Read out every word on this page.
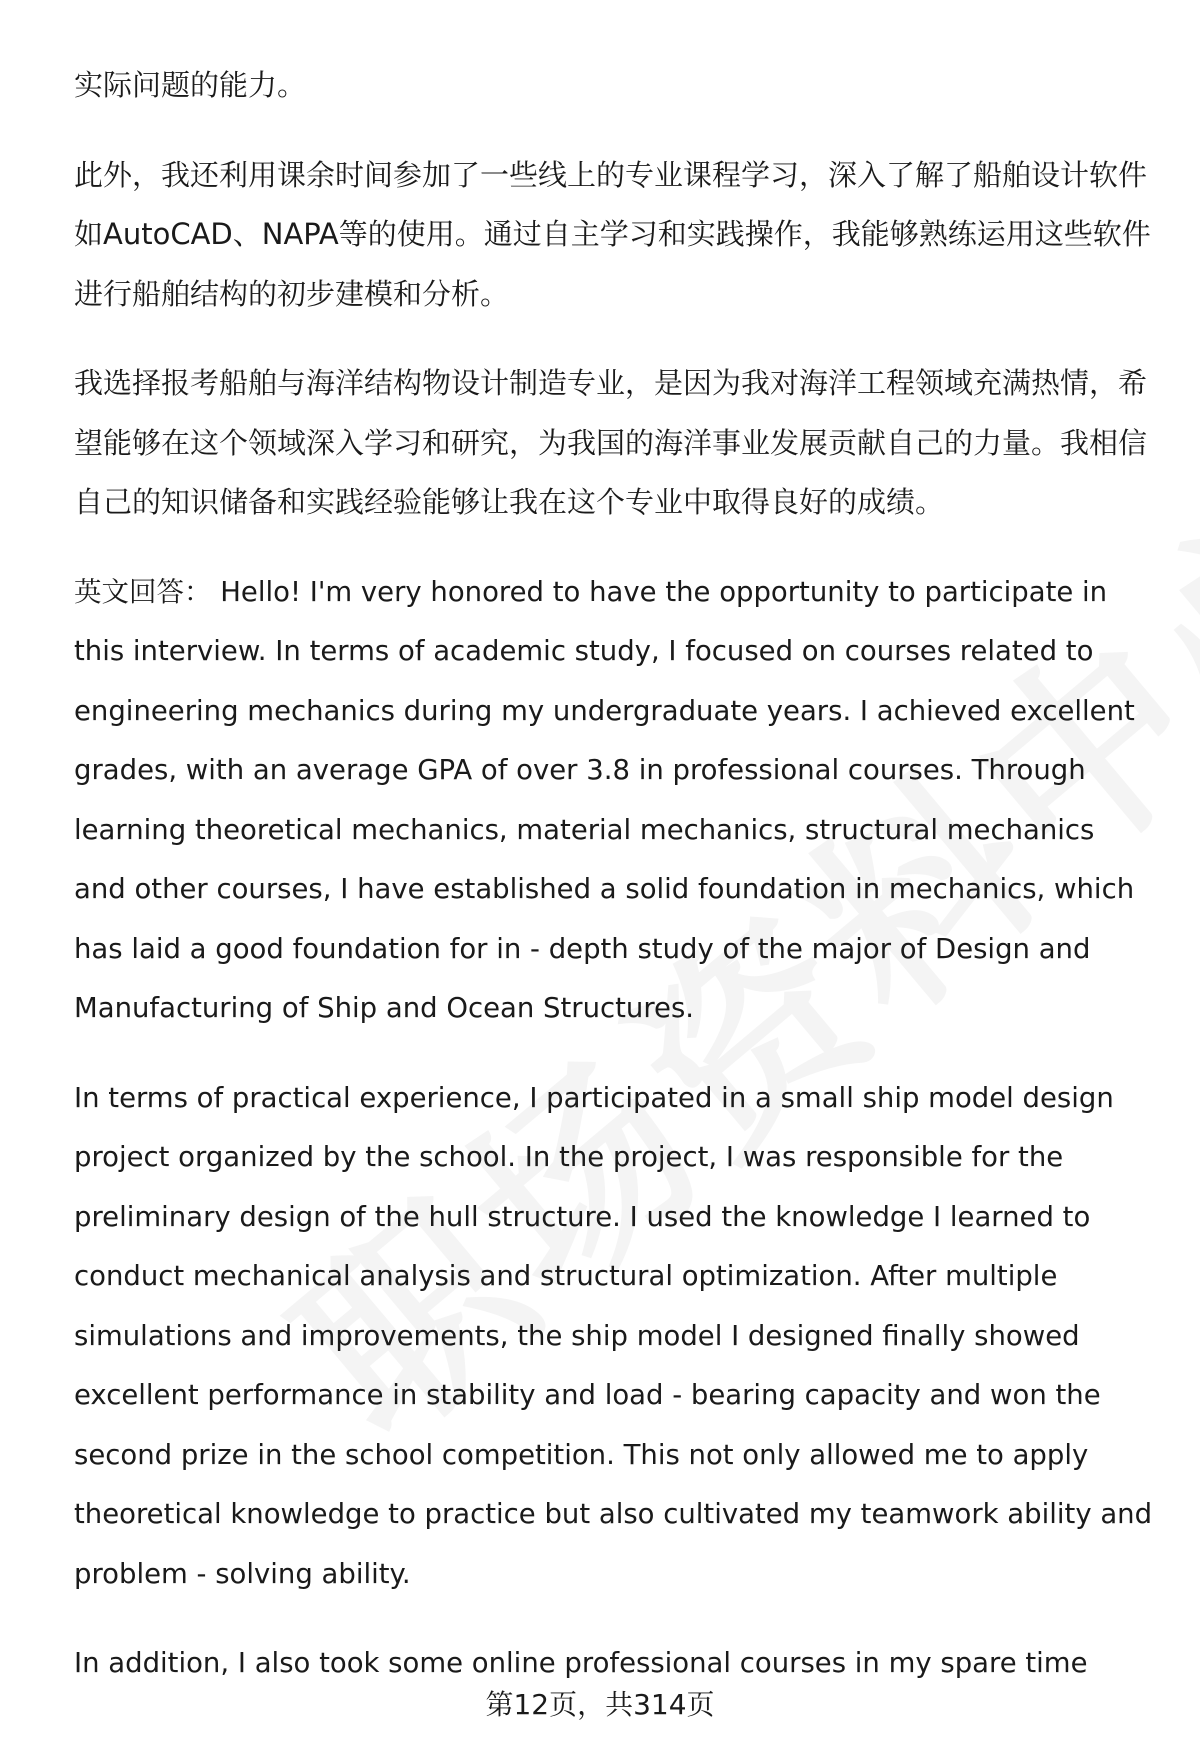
实际问题的能力。

此外，我还利用课余时间参加了一些线上的专业课程学习，深入了解了船舶设计软件如AutoCAD、NAPA等的使用。通过自主学习和实践操作，我能够熟练运用这些软件进行船舶结构的初步建模和分析。

我选择报考船舶与海洋结构物设计制造专业，是因为我对海洋工程领域充满热情，希望能够在这个领域深入学习和研究，为我国的海洋事业发展贡献自己的力量。我相信自己的知识储备和实践经验能够让我在这个专业中取得良好的成绩。

英文回答： Hello! I'm very honored to have the opportunity to participate in this interview. In terms of academic study, I focused on courses related to engineering mechanics during my undergraduate years. I achieved excellent grades, with an average GPA of over 3.8 in professional courses. Through learning theoretical mechanics, material mechanics, structural mechanics and other courses, I have established a solid foundation in mechanics, which has laid a good foundation for in - depth study of the major of Design and Manufacturing of Ship and Ocean Structures.

In terms of practical experience, I participated in a small ship model design project organized by the school. In the project, I was responsible for the preliminary design of the hull structure. I used the knowledge I learned to conduct mechanical analysis and structural optimization. After multiple simulations and improvements, the ship model I designed finally showed excellent performance in stability and load - bearing capacity and won the second prize in the school competition. This not only allowed me to apply theoretical knowledge to practice but also cultivated my teamwork ability and problem - solving ability.

In addition, I also took some online professional courses in my spare time

第12页，共314页
